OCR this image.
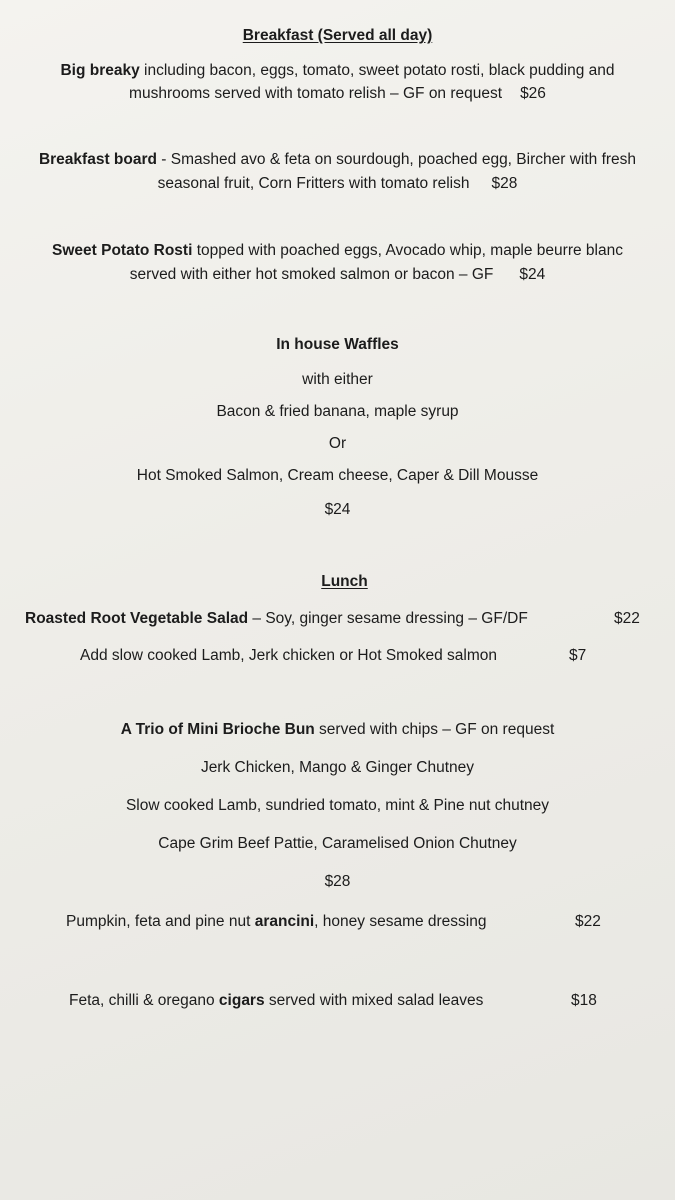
Breakfast (Served all day)
Big breaky including bacon, eggs, tomato, sweet potato rosti, black pudding and
mushrooms served with tomato relish – GF on request $26
Breakfast board - Smashed avo & feta on sourdough, poached egg, Bircher with fresh
seasonal fruit, Corn Fritters with tomato relish $28
Sweet Potato Rosti topped with poached eggs, Avocado whip, maple beurre blanc
served with either hot smoked salmon or bacon – GF $24
In house Waffles
with either
Bacon & fried banana, maple syrup
Or
Hot Smoked Salmon, Cream cheese, Caper & Dill Mousse
$24
Lunch
Roasted Root Vegetable Salad – Soy, ginger sesame dressing – GF/DF	$22
Add slow cooked Lamb, Jerk chicken or Hot Smoked salmon	$7
A Trio of Mini Brioche Bun served with chips – GF on request
Jerk Chicken, Mango & Ginger Chutney
Slow cooked Lamb, sundried tomato, mint & Pine nut chutney
Cape Grim Beef Pattie, Caramelised Onion Chutney
$28
Pumpkin, feta and pine nut arancini, honey sesame dressing	$22
Feta, chilli & oregano cigars served with mixed salad leaves	$18
